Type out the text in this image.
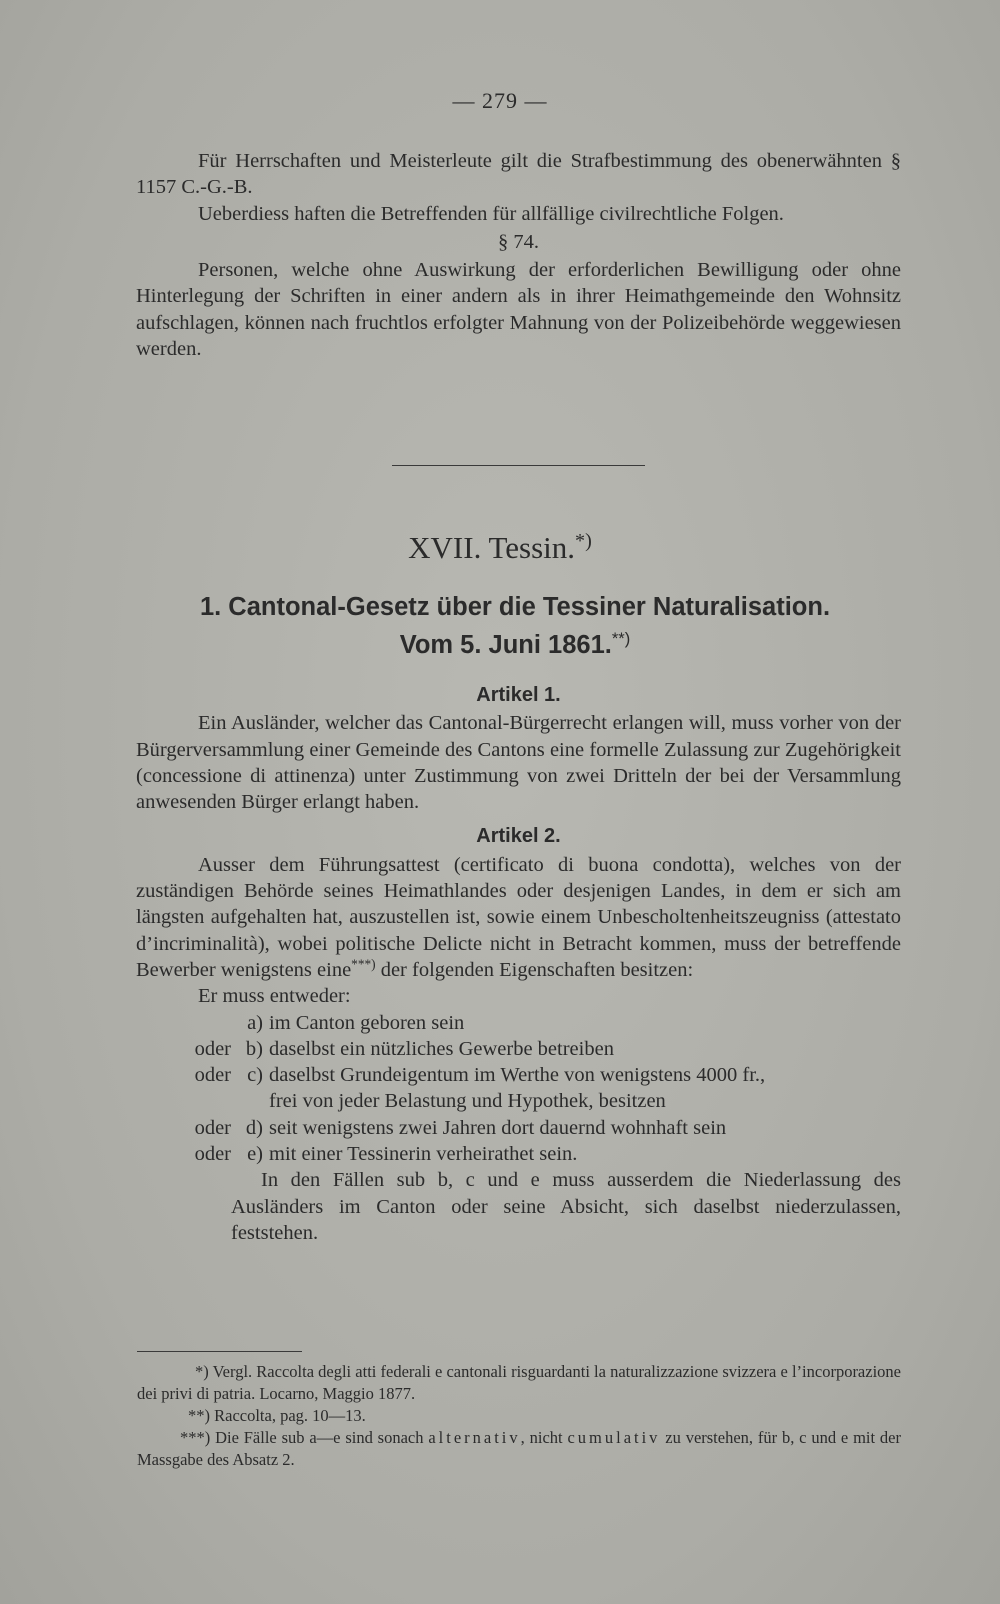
— 279 —

Für Herrschaften und Meisterleute gilt die Strafbestimmung des obenerwähnten § 1157 C.-G.-B.

Ueberdiess haften die Betreffenden für allfällige civilrechtliche Folgen.

§ 74.

Personen, welche ohne Auswirkung der erforderlichen Bewilligung oder ohne Hinterlegung der Schriften in einer andern als in ihrer Heimathgemeinde den Wohnsitz aufschlagen, können nach fruchtlos erfolgter Mahnung von der Polizeibehörde weggewiesen werden.

XVII. Tessin.*)
1. Cantonal-Gesetz über die Tessiner Naturalisation.
Vom 5. Juni 1861.**)
Artikel 1.

Ein Ausländer, welcher das Cantonal-Bürgerrecht erlangen will, muss vorher von der Bürgerversammlung einer Gemeinde des Cantons eine formelle Zulassung zur Zugehörigkeit (concessione di attinenza) unter Zustimmung von zwei Dritteln der bei der Versammlung anwesenden Bürger erlangt haben.

Artikel 2.

Ausser dem Führungsattest (certificato di buona condotta), welches von der zuständigen Behörde seines Heimathlandes oder desjenigen Landes, in dem er sich am längsten aufgehalten hat, auszustellen ist, sowie einem Unbescholtenheitszeugniss (attestato d’incriminalità), wobei politische Delicte nicht in Betracht kommen, muss der betreffende Bewerber wenigstens eine***) der folgenden Eigenschaften besitzen:

Er muss entweder:

a) im Canton geboren sein
oder b) daselbst ein nützliches Gewerbe betreiben
oder c) daselbst Grundeigentum im Werthe von wenigstens 4000 fr.,
frei von jeder Belastung und Hypothek, besitzen
oder d) seit wenigstens zwei Jahren dort dauernd wohnhaft sein
oder e) mit einer Tessinerin verheirathet sein.

In den Fällen sub b, c und e muss ausserdem die Niederlassung des Ausländers im Canton oder seine Absicht, sich daselbst niederzulassen, feststehen.

*) Vergl. Raccolta degli atti federali e cantonali risguardanti la naturalizzazione svizzera e l’incorporazione dei privi di patria. Locarno, Maggio 1877.

**) Raccolta, pag. 10—13.

***) Die Fälle sub a—e sind sonach alternativ, nicht cumulativ zu verstehen, für b, c und e mit der Massgabe des Absatz 2.
